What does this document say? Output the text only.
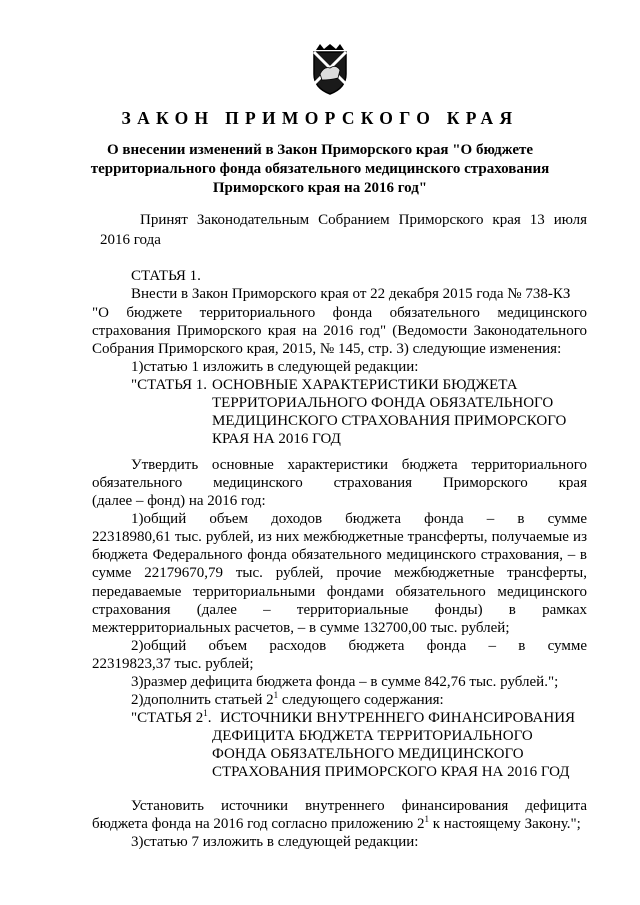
ЗАКОН ПРИМОРСКОГО КРАЯ
О внесении изменений в Закон Приморского края "О бюджете
территориального фонда обязательного медицинского страхования
Приморского края на 2016 год"
Принят Законодательным Собранием Приморского края 13 июля
2016 года
СТАТЬЯ 1.
Внести в Закон Приморского края от 22 декабря 2015 года № 738-КЗ
"О бюджете территориального фонда обязательного медицинского
страхования Приморского края на 2016 год" (Ведомости Законодательного
Собрания Приморского края, 2015, № 145, стр. 3) следующие изменения:
1)статью 1 изложить в следующей редакции:
"СТАТЬЯ 1. ОСНОВНЫЕ ХАРАКТЕРИСТИКИ БЮДЖЕТА
ТЕРРИТОРИАЛЬНОГО ФОНДА ОБЯЗАТЕЛЬНОГО
МЕДИЦИНСКОГО СТРАХОВАНИЯ ПРИМОРСКОГО
КРАЯ НА 2016 ГОД
Утвердить основные характеристики бюджета территориального
обязательного медицинского страхования Приморского края
(далее – фонд) на 2016 год:
1)общий объем доходов бюджета фонда – в сумме
22318980,61 тыс. рублей, из них межбюджетные трансферты, получаемые из
бюджета Федерального фонда обязательного медицинского страхования, – в
сумме 22179670,79 тыс. рублей, прочие межбюджетные трансферты,
передаваемые территориальными фондами обязательного медицинского
страхования (далее – территориальные фонды) в рамках
межтерриториальных расчетов, – в сумме 132700,00 тыс. рублей;
2)общий объем расходов бюджета фонда – в сумме
22319823,37 тыс. рублей;
3)размер дефицита бюджета фонда – в сумме 842,76 тыс. рублей.";
2)дополнить статьей $2^1$ следующего содержания:
"СТАТЬЯ $2^1$. ИСТОЧНИКИ ВНУТРЕННЕГО ФИНАНСИРОВАНИЯ
ДЕФИЦИТА БЮДЖЕТА ТЕРРИТОРИАЛЬНОГО
ФОНДА ОБЯЗАТЕЛЬНОГО МЕДИЦИНСКОГО
СТРАХОВАНИЯ ПРИМОРСКОГО КРАЯ НА 2016 ГОД
Установить источники внутреннего финансирования дефицита
бюджета фонда на 2016 год согласно приложению $2^1$ к настоящему Закону.";
3)статью 7 изложить в следующей редакции:
